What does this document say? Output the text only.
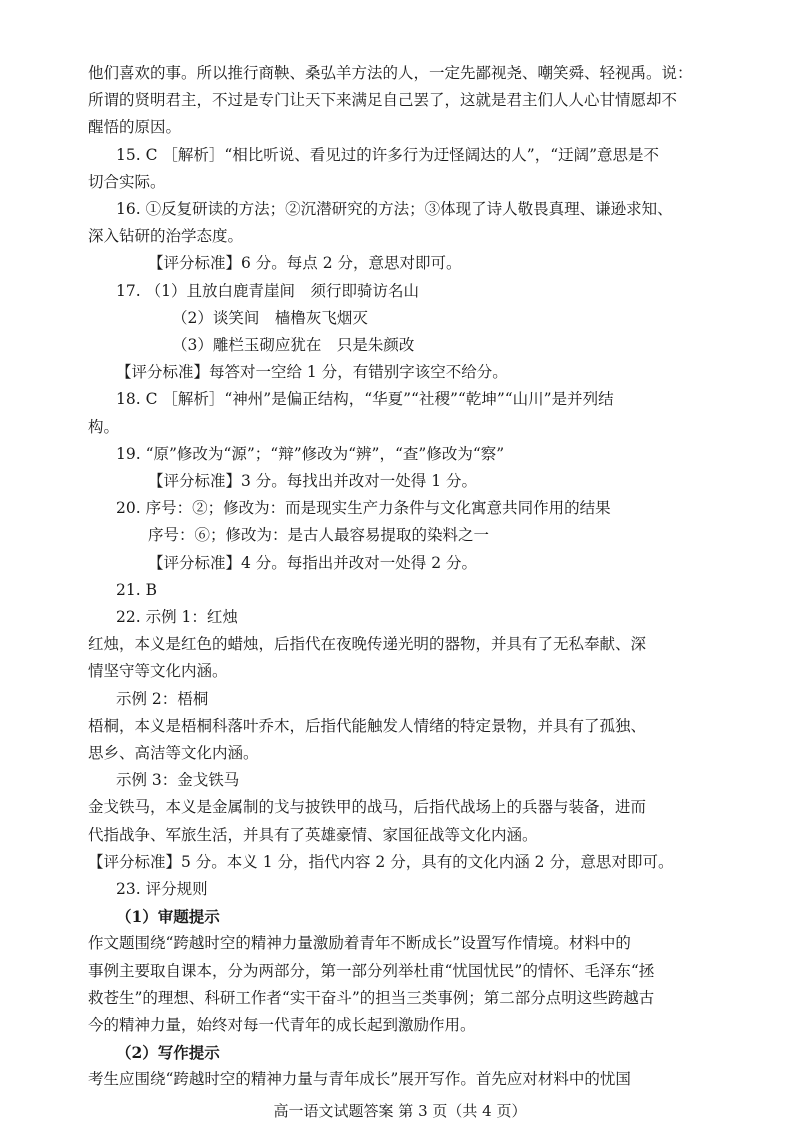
他们喜欢的事。所以推行商鞅、桑弘羊方法的人，一定先鄙视尧、嘲笑舜、轻视禹。说：
所谓的贤明君主，不过是专门让天下来满足自己罢了，这就是君主们人人心甘情愿却不
醒悟的原因。
15. C ［解析］“相比听说、看见过的许多行为迂怪阔达的人”，“迂阔”意思是不
切合实际。
16. ①反复研读的方法；②沉潜研究的方法；③体现了诗人敬畏真理、谦逊求知、
深入钻研的治学态度。
【评分标准】6 分。每点 2 分，意思对即可。
17. （1）且放白鹿青崖间　须行即骑访名山
（2）谈笑间　樯橹灰飞烟灭
（3）雕栏玉砌应犹在　只是朱颜改
【评分标准】每答对一空给 1 分，有错别字该空不给分。
18. C ［解析］“神州”是偏正结构，“华夏”“社稷”“乾坤”“山川”是并列结
构。
19. “原”修改为“源”；“辩”修改为“辨”，“查”修改为“察”
【评分标准】3 分。每找出并改对一处得 1 分。
20. 序号：②；修改为：而是现实生产力条件与文化寓意共同作用的结果
序号：⑥；修改为：是古人最容易提取的染料之一
【评分标准】4 分。每指出并改对一处得 2 分。
21. B
22. 示例 1：红烛
红烛，本义是红色的蜡烛，后指代在夜晚传递光明的器物，并具有了无私奉献、深
情坚守等文化内涵。
示例 2：梧桐
梧桐，本义是梧桐科落叶乔木，后指代能触发人情绪的特定景物，并具有了孤独、
思乡、高洁等文化内涵。
示例 3：金戈铁马
金戈铁马，本义是金属制的戈与披铁甲的战马，后指代战场上的兵器与装备，进而
代指战争、军旅生活，并具有了英雄豪情、家国征战等文化内涵。
【评分标准】5 分。本义 1 分，指代内容 2 分，具有的文化内涵 2 分，意思对即可。
23. 评分规则
（1）审题提示
作文题围绕“跨越时空的精神力量激励着青年不断成长”设置写作情境。材料中的
事例主要取自课本，分为两部分，第一部分列举杜甫“忧国忧民”的情怀、毛泽东“拯
救苍生”的理想、科研工作者“实干奋斗”的担当三类事例；第二部分点明这些跨越古
今的精神力量，始终对每一代青年的成长起到激励作用。
（2）写作提示
考生应围绕“跨越时空的精神力量与青年成长”展开写作。首先应对材料中的忧国
高一语文试题答案 第 3 页（共 4 页）
